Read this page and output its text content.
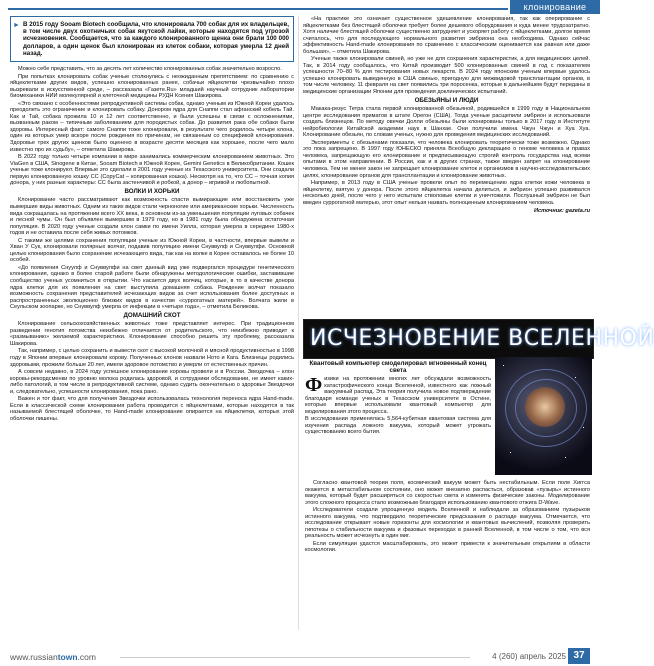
клонирование
► В 2015 году Sooam Biotech сообщила, что клонировала 700 собак для их владельцев, в том числе двух охотничьих собак якутской лайки, которые находятся под угрозой исчезновения. Сообщается, что за каждого клонированного щенка они брали 100 000 долларов, а один щенок был клонирован из клеток собаки, которая умерла 12 дней назад.

Можно себе представить, что за десять лет количество клонированных собак значительно возросло.

При попытках клонировать собак ученые столкнулись с неожиданным препятствием: по сравнению с яйцеклетками других видов, успешно клонированных ранее, собачьи яйцеклетки чрезвычайно плохо вызревали в искусственной среде, – рассказала «Газете.Ru» младший научный сотрудник лаборатории биомеханики НИИ молекулярной и клеточной медицины РУДН Ксения Шакирова.

«Это связано с особенностями репродуктивной системы собак, однако ученым из Южной Кореи удалось преодолеть это ограничение и клонировать собаку. Донором ядра для Снаппи стал афганский кобель Тай. Как и Тай, собака прожила 10 и 12 лет соответственно, и были успешны в связи с осложнениями, вызванным раком – типичным заболеванием для породистых собак. До развития рака обе собаки были здоровы. Интересный факт: самого Снаппи тоже клонировали, в результате чего родилось четыре клона, один из которых умер вскоре после рождения по причинам, не связанным со спецификой клонирования. Здоровье трех других щенков было оценено в возрасте десяти месяцев как хорошее, после чего мало известно про их судьбу», – отметила Шакирова.

В 2022 году только четыре компании в мире занимались коммерческим клонированием животных. Это ViaGen в США, Sinogene в Китае, Sooam Biotech в Южной Корее, Gemini Genetics в Великобритании. Кошек ученые тоже клонируют. Впервые это сделали в 2001 году ученые из Техасского университета. Они создали первую клонированную кошку CC (CopyCat – копированная кошка). Несмотря на то, что CC – точная копия донора, у них разные характеры: CC была застенчивой и робкой, а донор – игривой и любопытной.

ВОЛКИ И ХОРЬКИ

Клонирование часто рассматривают как возможность спасти вымирающие или восстановить уже вымершие виды животных. Одним из таких видов стали черноногие или американские хорьки. Численность вида сокращалась на протяжении всего XX века, в основном из-за уменьшения популяции луговых собачек и лесной чумы. Он был объявлен вымершим в 1979 году, но в 1981 году была обнаружена остаточная популяция. В 2020 году ученые создали клон самки по имени Уилла, которая умерла в середине 1980-х годов и не оставила после себя живых потомков.

С такими же целями сохранения популяции ученые из Южной Кореи, в частности, впервые вывели и Хван У Сук, клонировали полярных волчат, подавив популяцию имени Снуввулф и Снуввулфи. Основной целью клонирования было сохранение исчезающего вида, так как на волке в Корее оставалось не более 10 особей.

«До появления Снуулф и Снуввулфи на свет данный вид уже подвергался процедуре генетического клонирования, однако в более старой работе были обнаружены методологические ошибки, заставившие сообщество ученых усомниться в открытии. Что касается двух волчиц, которые, в то в качестве донора ядра клетки для их появления на свет выступила домашняя собака. Рождение волчат показало возможность сохранения представителей исчезающих видов за счет использования более доступных и распространенных эволюционно близких видов в качестве «суррогатных матерей». Волчата жили в Сеульском зоопарке, но Снуввулф умерла от инфекции в «четыре года», – отметила Беликова.

ДОМАШНИЙ СКОТ

Клонирование сельскохозяйственных животных тоже представляет интерес. При традиционном разведении генотип потомства неизбежно отличается от родительского, что неизбежно приводит к «размыванию» желаемой характеристики. Клонирование способно решить эту проблему, рассказала Шакирова.

Так, например, с целью сохранить и вывести скот с высокой молочной и мясной продуктивностью в 1998 году в Японии впервые клонировали корову. Полученных клонов назвали Ното и Кага. Близнецы родились здоровыми, прожили больше 20 лет, имели здоровое потомство и умерли от естественных причин.

А совсем недавно, в 2024 году успешное клонирование коровы провели и в России. Звездочка – клон коровы-рекордсменки по уровню молока родилась здоровой, и сотрудники обследовании, не имеет каких-либо патологий, в том числе в репродуктивной системе, однако судить окончательно о здоровье Звездочки и, следовательно, успешности клонирования, пока рано.

Важен и тот факт, что для получения Звездочки использовалась технология переноса ядра Hand-made. Если в классической схеме клонирования работа проводится с яйцеклетками, которые находятся в так называемой блестящей оболочке, то Hand-made клонирование опирается на яйцеклетки, которых этой оболочки лишены.

«На практике это означает существенное удешевление клонирования, так как оперирование с яйцеклетками без блестящей оболочки требует более дешевого оборудования и куда менее трудозатратно. Хотя наличие блестящей оболочки существенно затрудняет и ускоряет работу с яйцеклетками, долгое время считалось, что для последующего нормального развития эмбриона она необходима. Однако сейчас эффективность Hand-made клонирования по сравнению с классическим оценивается как равная или даже большая», – отметила Шакирова.

Ученые также клонировали свиней, но уже не для сохранения характеристик, а для медицинских целей. Так, в 2014 году сообщалось, что Китай производит 500 клонированных свиней в год с показателем успешности 70–80 % для тестирования новых лекарств. В 2024 году японским ученым впервые удалось успешно клонировать выведенную в США свинью, пригодную для межвидовой трансплантации органов, в том числе человеку. 11 февраля на свет появились три поросенка, которые в дальнейшем будут переданы в медицинские организации Японии для проведения доклинических испытаний.

ОБЕЗЬЯНЫ И ЛЮДИ

Макака-резус Тетра стала первой клонированной обезьяной, родившейся в 1999 году в Национальном центре исследования приматов в штате Орегон (США). Тогда ученые расщепили эмбрион и использовали создать близнецов. По методу овечки Долли обезьяны были клонированы только в 2017 году в Институте нейробиологии Китайской академии наук в Шанхае. Они получили имена Чжун Чжун и Хуа Хуа. Клонирование обезьян, по словам ученых, нужно для проведения медицинских исследований.

Эксперименты с обезьянами показали, что человека клонировать теоретически тоже возможно. Однако это пока запрещено. В 1997 году ЮНЕСКО приняла Всеобщую декларацию о геноме человека и правах человека, запрещающую его клонирование и предписывающую строгий контроль государства над всеми опытами в этом направлении. В России, как и в других странах, также введен запрет на клонирование человека. Тем не менее закон не запрещает клонирование клеток и организмов в научно-исследовательских целях, клонирование органов для трансплантации и клонирование животных.

Например, в 2013 году в США ученые провели опыт по перемещению ядра клетки кожи человека в яйцеклетку, взятую у донора. После этого яйцеклетка начала делиться, и эмбрион успешно развивался несколько дней, после чего у него испытали стволовые клетки и уничтожили. Послушный эмбрион не был введен суррогатной матерью, этот опыт нельзя назвать полноценным клонированием человека.

Источник: gazeta.ru
ИСЧЕЗНОВЕНИЕ ВСЕЛЕННОЙ
Квантовый компьютер смоделировал мгновенный конец света

Физики на протяжении многих лет обсуждали возможность катастрофического конца Вселенной, известного как ложный вакуумный распад. Эта теория получила новое подтверждение благодаря команде ученых в Техасском университете в Остине, которые впервые использовали квантовый компьютер для моделирования этого процесса.

В исследовании применялась 5,564-кубитная квантовая система для изучения распада ложного вакуума, который может угрожать существованию всего бытия.

Согласно квантовой теории поля, космический вакуум может быть нестабильным. Если поле Хиггса окажется в метастабильном состоянии, оно может внезапно распасться, образовав «пузырь» истинного вакуума, который будет расширяться со скоростью света и изменять физические законы. Моделирование этого сложного процесса стало возможным благодаря использованию квантового отжига D-Wave.

Исследователи создали упрощенную модель Вселенной и наблюдали за образованием пузырьков истинного вакуума, что подтвердило теоретические предсказания о распаде вакуума. Отмечается, что исследование открывает новые горизонты для космологии и квантовых вычислений, позволяя проверить гипотезы о стабильности вакуума и фазовых переходах в ранней Вселенной, в том числе о том, что вся реальность может исчезнуть в один миг.

Если симуляции удастся масштабировать, это может привести к значительным открытиям в области космологии.

www.russiantown.com	4 (260) апрель 2025 37
